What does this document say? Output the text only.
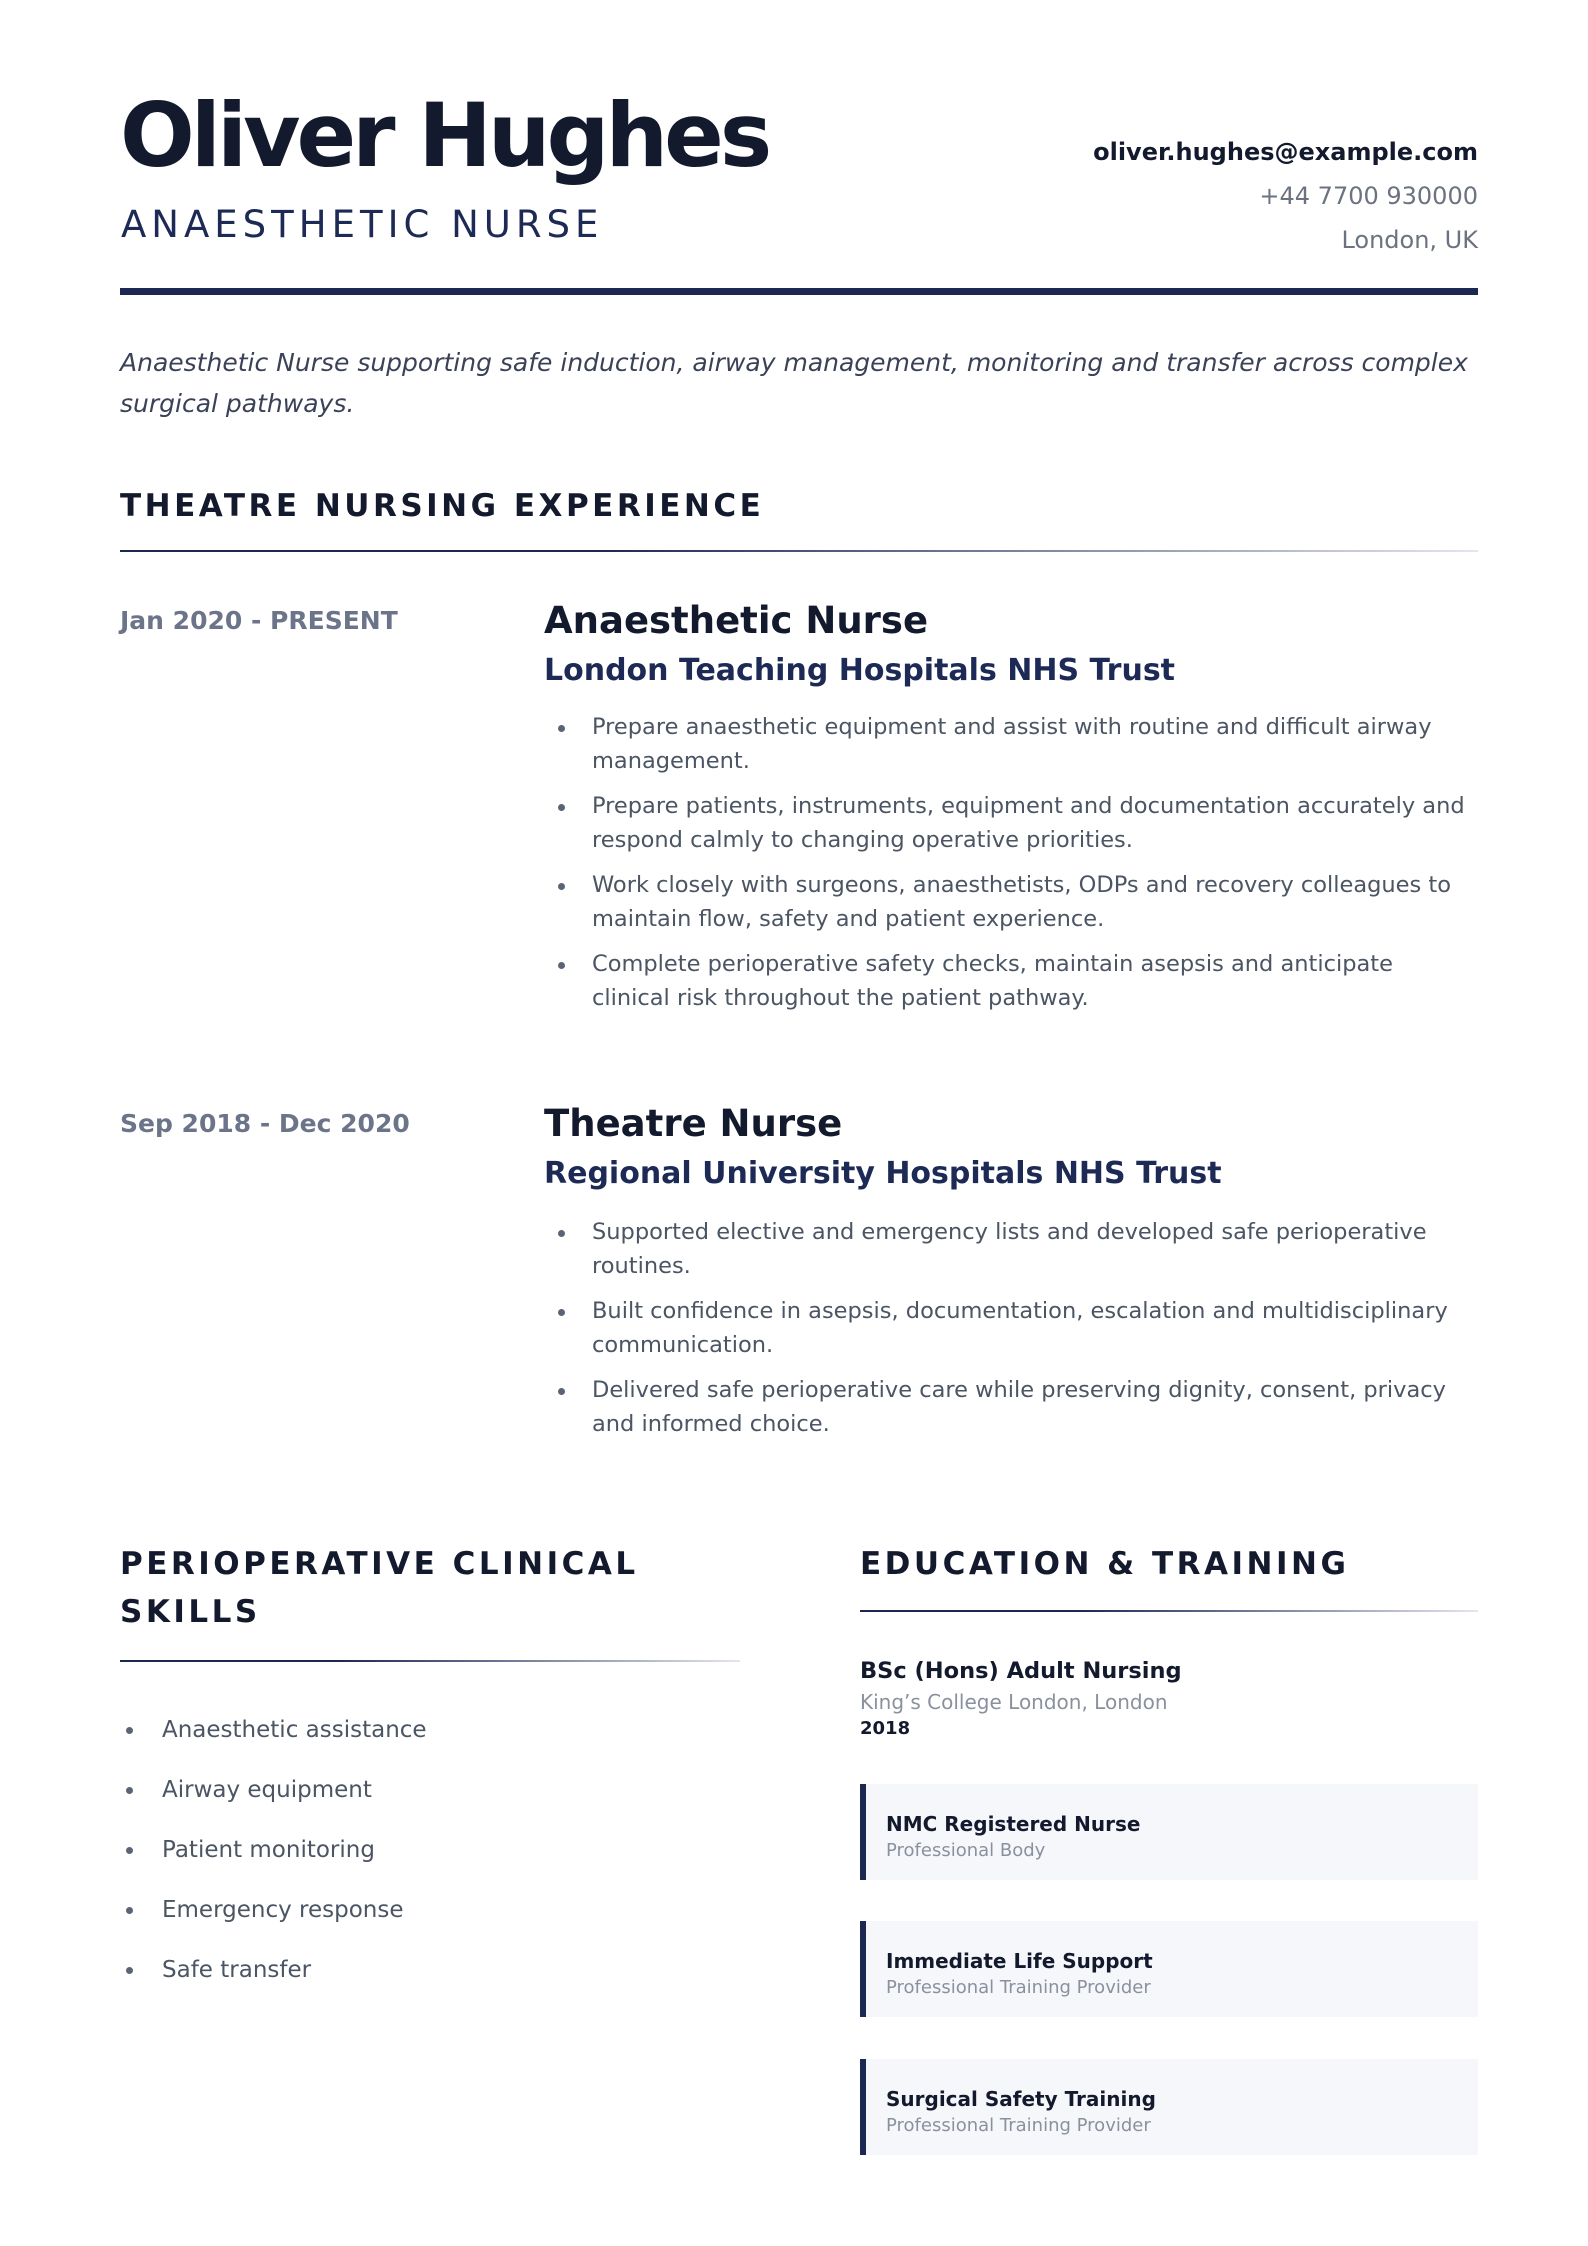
Oliver Hughes
ANAESTHETIC NURSE
oliver.hughes@example.com
+44 7700 930000
London, UK

Anaesthetic Nurse supporting safe induction, airway management, monitoring and transfer across complex surgical pathways.

THEATRE NURSING EXPERIENCE
Jan 2020 - PRESENT	Anaesthetic Nurse
London Teaching Hospitals NHS Trust
Prepare anaesthetic equipment and assist with routine and difficult airway management.
Prepare patients, instruments, equipment and documentation accurately and respond calmly to changing operative priorities.
Work closely with surgeons, anaesthetists, ODPs and recovery colleagues to maintain flow, safety and patient experience.
Complete perioperative safety checks, maintain asepsis and anticipate clinical risk throughout the patient pathway.
Sep 2018 - Dec 2020	Theatre Nurse
Regional University Hospitals NHS Trust
Supported elective and emergency lists and developed safe perioperative routines.
Built confidence in asepsis, documentation, escalation and multidisciplinary communication.
Delivered safe perioperative care while preserving dignity, consent, privacy and informed choice.
PERIOPERATIVE CLINICAL
SKILLS
Anaesthetic assistance
Airway equipment
Patient monitoring
Emergency response
Safe transfer
EDUCATION & TRAINING
BSc (Hons) Adult Nursing
King’s College London, London
2018
NMC Registered Nurse
Professional Body
Immediate Life Support
Professional Training Provider
Surgical Safety Training
Professional Training Provider
